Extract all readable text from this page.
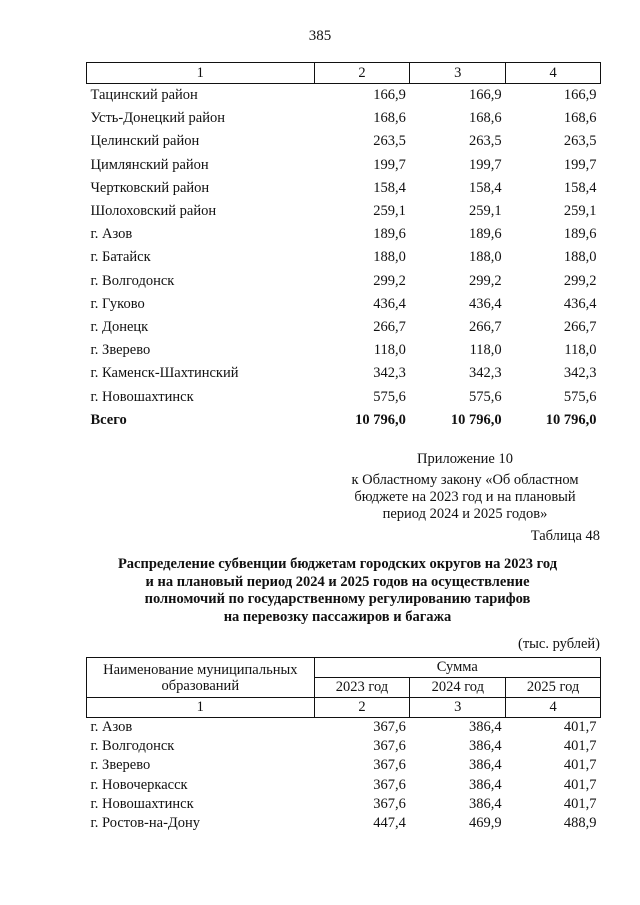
385
1	2	3	4
Тацинский район	166,9	166,9	166,9
Усть-Донецкий район	168,6	168,6	168,6
Целинский район	263,5	263,5	263,5
Цимлянский район	199,7	199,7	199,7
Чертковский район	158,4	158,4	158,4
Шолоховский район	259,1	259,1	259,1
г. Азов	189,6	189,6	189,6
г. Батайск	188,0	188,0	188,0
г. Волгодонск	299,2	299,2	299,2
г. Гуково	436,4	436,4	436,4
г. Донецк	266,7	266,7	266,7
г. Зверево	118,0	118,0	118,0
г. Каменск-Шахтинский	342,3	342,3	342,3
г. Новошахтинск	575,6	575,6	575,6
Всего	10 796,0	10 796,0	10 796,0
Приложение 10
к Областному закону «Об областном
бюджете на 2023 год и на плановый
период 2024 и 2025 годов»
Таблица 48
Распределение субвенции бюджетам городских округов на 2023 год
и на плановый период 2024 и 2025 годов на осуществление
полномочий по государственному регулированию тарифов
на перевозку пассажиров и багажа
(тыс. рублей)
Наименование муниципальных образований	Сумма		
	2023 год	2024 год	2025 год
1	2	3	4
г. Азов	367,6	386,4	401,7
г. Волгодонск	367,6	386,4	401,7
г. Зверево	367,6	386,4	401,7
г. Новочеркасск	367,6	386,4	401,7
г. Новошахтинск	367,6	386,4	401,7
г. Ростов-на-Дону	447,4	469,9	488,9
